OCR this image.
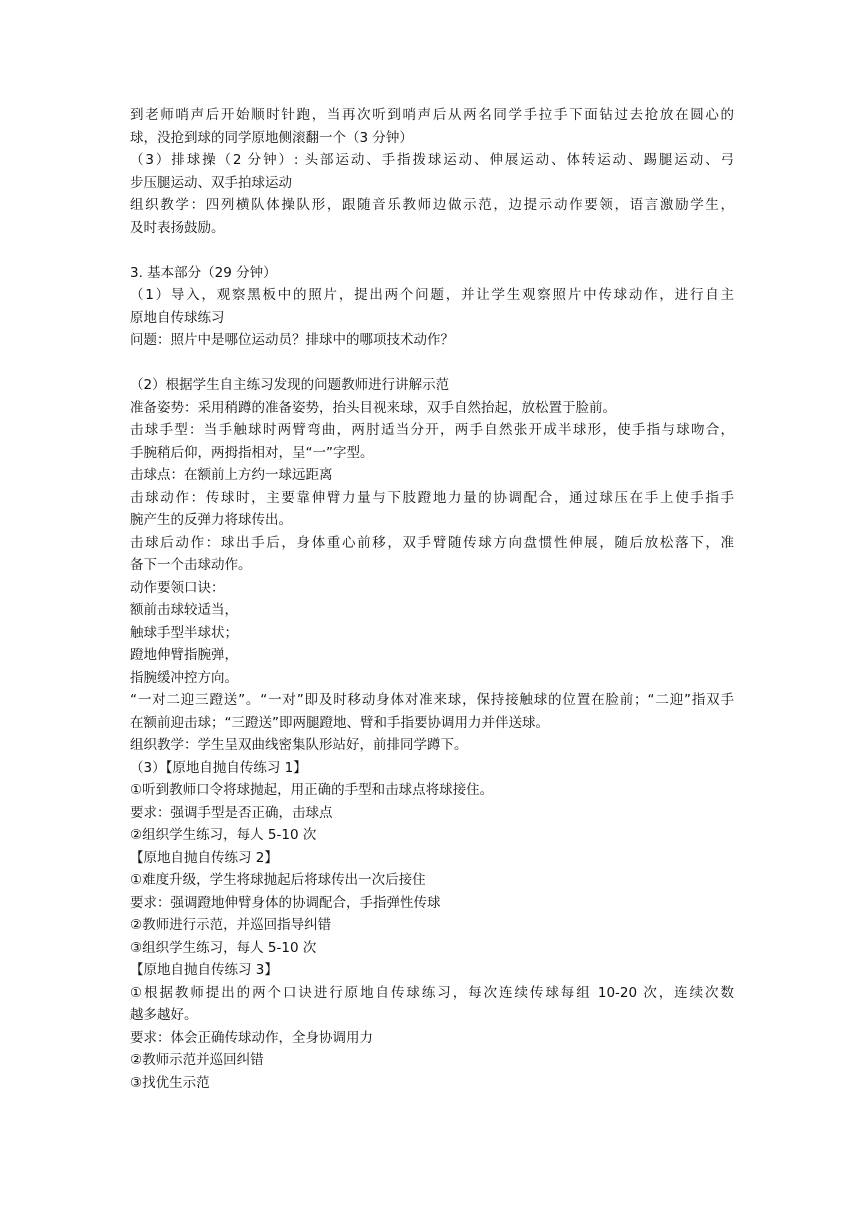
到老师哨声后开始顺时针跑，当再次听到哨声后从两名同学手拉手下面钻过去抢放在圆心的
球，没抢到球的同学原地侧滚翻一个（3 分钟）
（3）排球操（2 分钟）: 头部运动、手指拨球运动、伸展运动、体转运动、踢腿运动、弓
步压腿运动、双手拍球运动
组织教学：四列横队体操队形，跟随音乐教师边做示范，边提示动作要领，语言激励学生，
及时表扬鼓励。
3. 基本部分（29 分钟）
（1）导入，观察黑板中的照片，提出两个问题，并让学生观察照片中传球动作，进行自主
原地自传球练习
问题：照片中是哪位运动员？排球中的哪项技术动作？
（2）根据学生自主练习发现的问题教师进行讲解示范
准备姿势：采用稍蹲的准备姿势，抬头目视来球，双手自然抬起，放松置于脸前。
击球手型：当手触球时两臂弯曲，两肘适当分开，两手自然张开成半球形，使手指与球吻合，
手腕稍后仰，两拇指相对，呈“一”字型。
击球点：在额前上方约一球远距离
击球动作：传球时，主要靠伸臂力量与下肢蹬地力量的协调配合，通过球压在手上使手指手
腕产生的反弹力将球传出。
击球后动作：球出手后，身体重心前移，双手臂随传球方向盘惯性伸展，随后放松落下，准
备下一个击球动作。
动作要领口诀：
额前击球较适当，
触球手型半球状；
蹬地伸臂指腕弹，
指腕缓冲控方向。
“一对二迎三蹬送”。“一对”即及时移动身体对准来球，保持接触球的位置在脸前；“二迎”指双手
在额前迎击球；“三蹬送”即两腿蹬地、臂和手指要协调用力并伴送球。
组织教学：学生呈双曲线密集队形站好，前排同学蹲下。
（3）【原地自抛自传练习 1】
①听到教师口令将球抛起，用正确的手型和击球点将球接住。
要求：强调手型是否正确，击球点
②组织学生练习，每人 5-10 次
【原地自抛自传练习 2】
①难度升级，学生将球抛起后将球传出一次后接住
要求：强调蹬地伸臂身体的协调配合，手指弹性传球
②教师进行示范，并巡回指导纠错
③组织学生练习，每人 5-10 次
【原地自抛自传练习 3】
①根据教师提出的两个口诀进行原地自传球练习，每次连续传球每组 10-20 次，连续次数
越多越好。
要求：体会正确传球动作，全身协调用力
②教师示范并巡回纠错
③找优生示范
